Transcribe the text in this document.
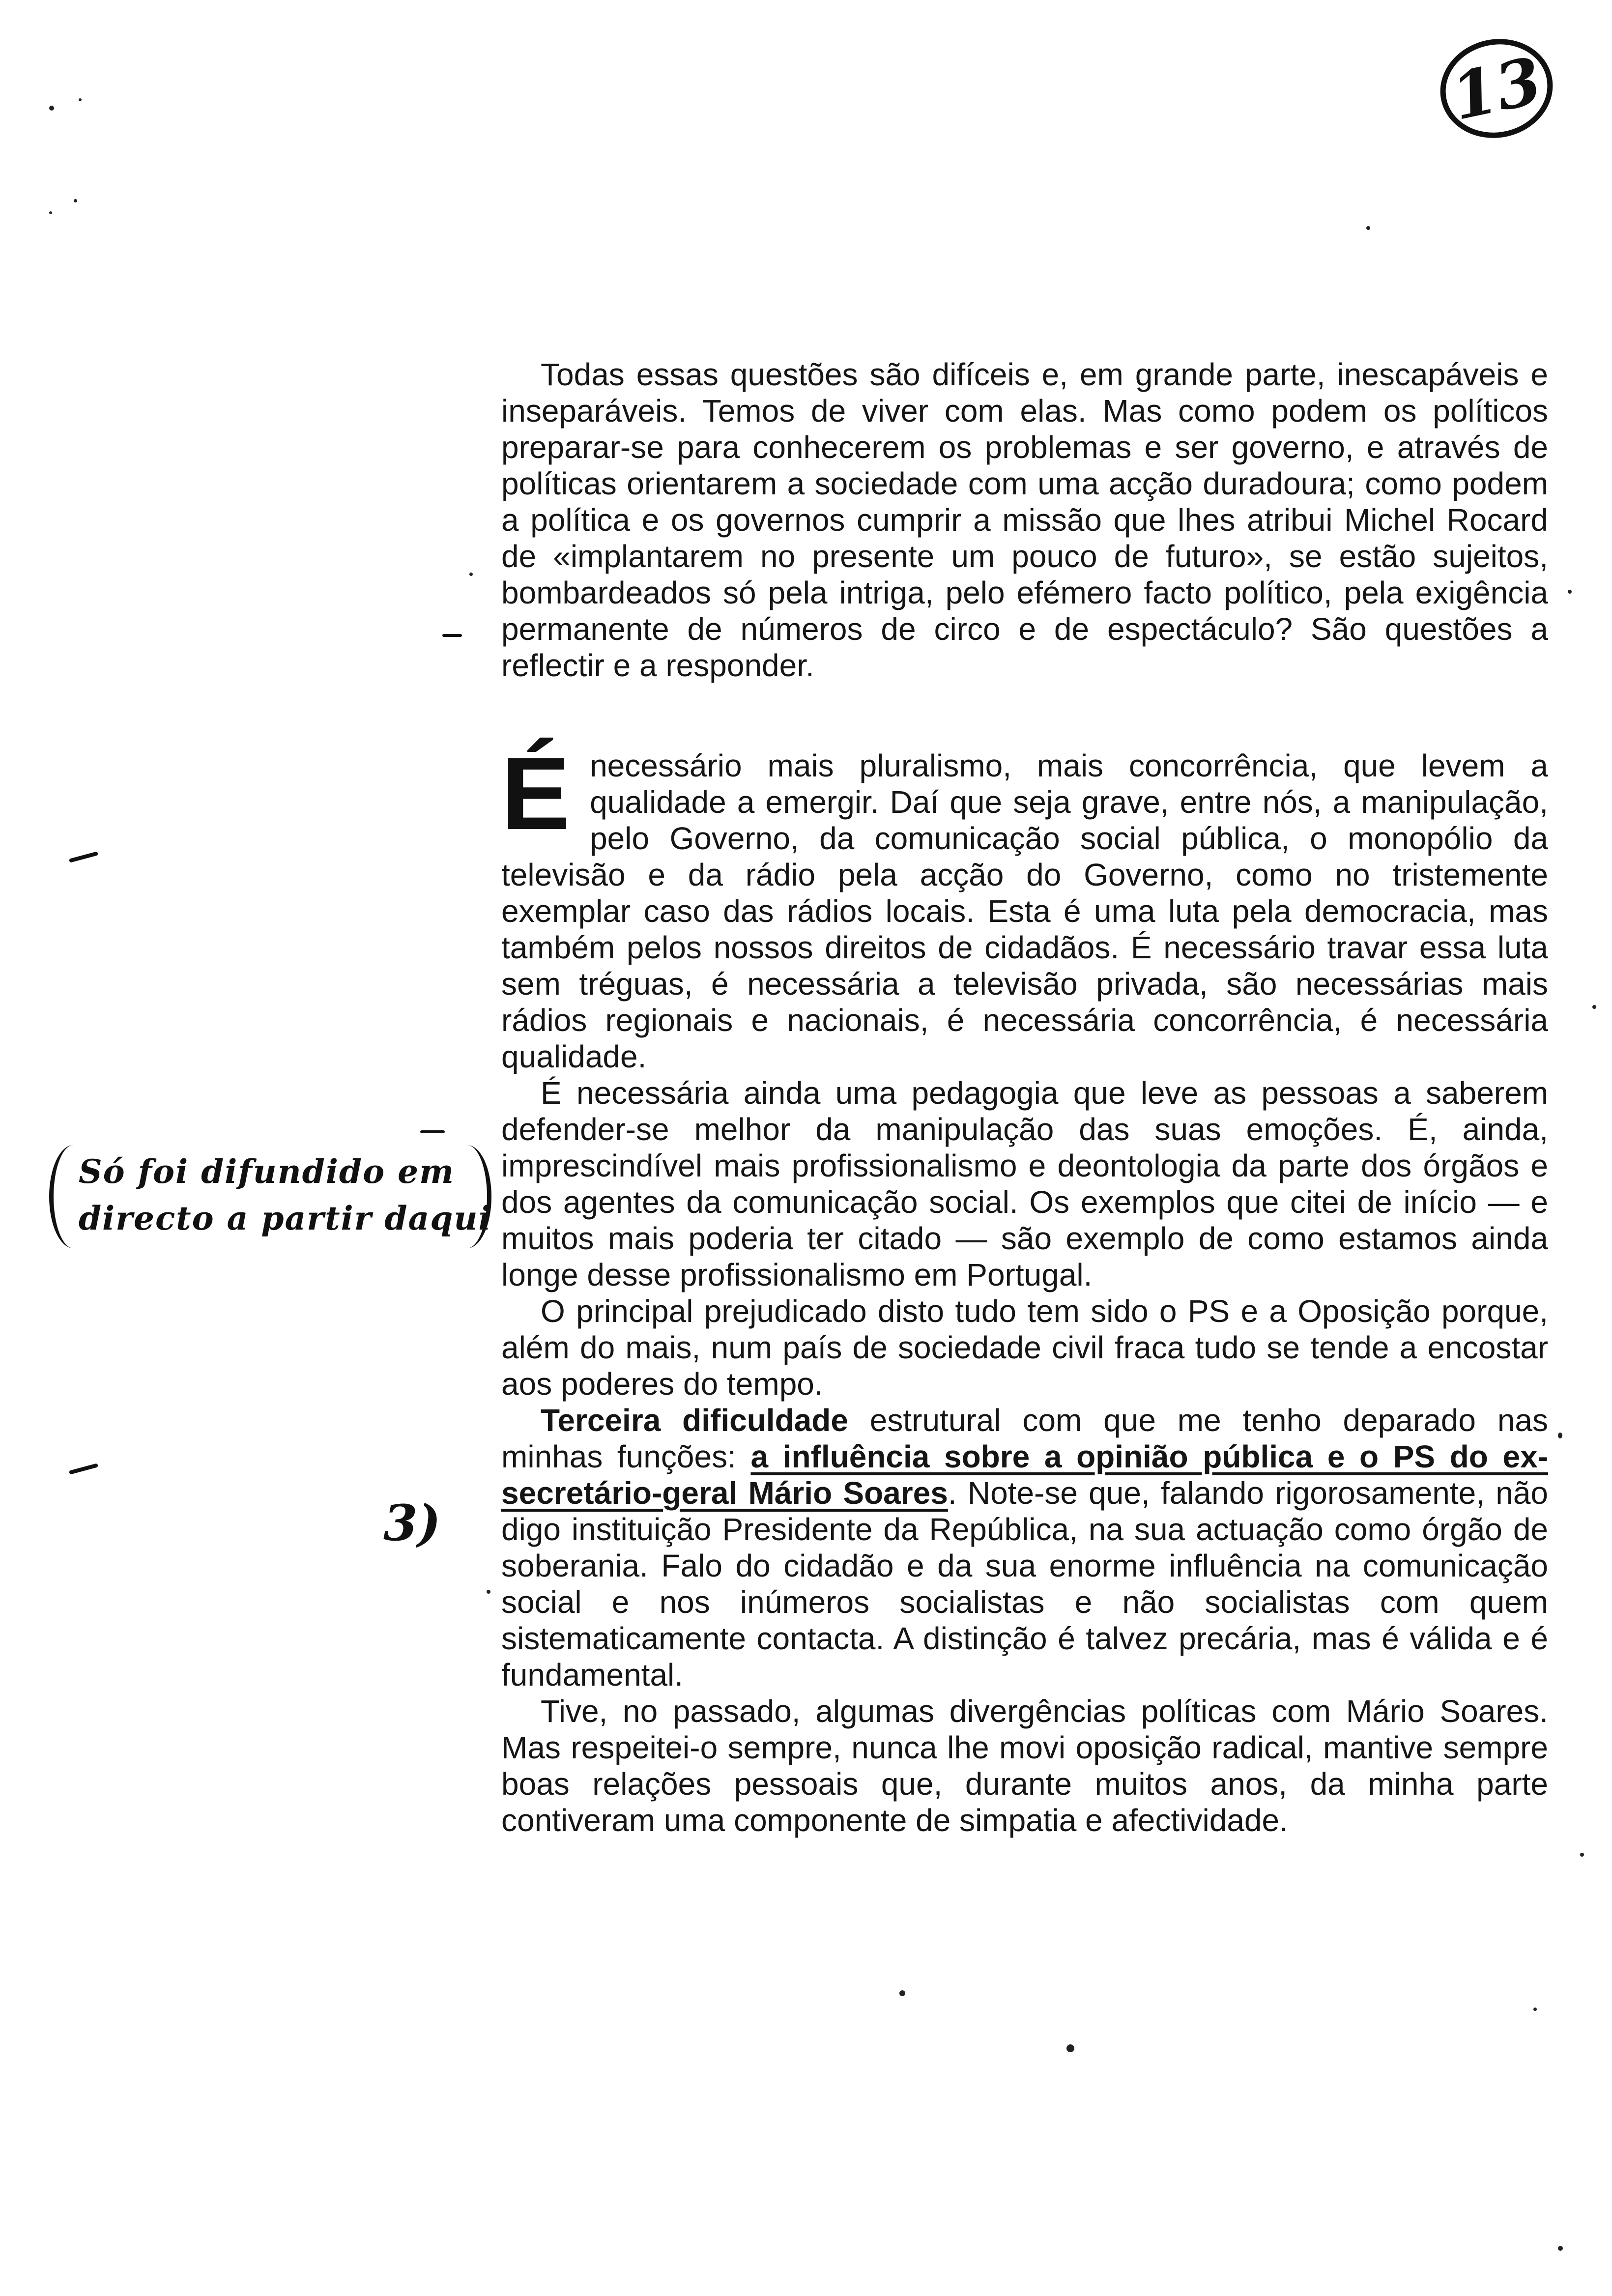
13

Todas essas questões são difíceis e, em grande parte, inescapáveis e inseparáveis. Temos de viver com elas. Mas como podem os políticos preparar-se para conhecerem os problemas e ser governo, e através de políticas orientarem a sociedade com uma acção duradoura; como podem a política e os governos cumprir a missão que lhes atribui Michel Rocard de «implantarem no presente um pouco de futuro», se estão sujeitos, bombardeados só pela intriga, pelo efémero facto político, pela exigência permanente de números de circo e de espectáculo? São questões a reflectir e a responder.

Énecessário mais pluralismo, mais concorrência, que levem a qualidade a emergir. Daí que seja grave, entre nós, a manipulação, pelo Governo, da comunicação social pública, o monopólio da televisão e da rádio pela acção do Governo, como no tristemente exemplar caso das rádios locais. Esta é uma luta pela democracia, mas também pelos nossos direitos de cidadãos. É necessário travar essa luta sem tréguas, é necessária a televisão privada, são necessárias mais rádios regionais e nacionais, é necessária concorrência, é necessária qualidade.

É necessária ainda uma pedagogia que leve as pessoas a saberem defender-se melhor da manipulação das suas emoções. É, ainda, imprescindível mais profissionalismo e deontologia da parte dos órgãos e dos agentes da comunicação social. Os exemplos que citei de início — e muitos mais poderia ter citado — são exemplo de como estamos ainda longe desse profissionalismo em Portugal.

O principal prejudicado disto tudo tem sido o PS e a Oposição porque, além do mais, num país de sociedade civil fraca tudo se tende a encostar aos poderes do tempo.

Terceira dificuldade estrutural com que me tenho deparado nas minhas funções: a influência sobre a opinião pública e o PS do ex-secretário-geral Mário Soares. Note-se que, falando rigorosamente, não digo instituição Presidente da República, na sua actuação como órgão de soberania. Falo do cidadão e da sua enorme influência na comunicação social e nos inúmeros socialistas e não socialistas com quem sistematicamente contacta. A distinção é talvez precária, mas é válida e é fundamental.

Tive, no passado, algumas divergências políticas com Mário Soares. Mas respeitei-o sempre, nunca lhe movi oposição radical, mantive sempre boas relações pessoais que, durante muitos anos, da minha parte contiveram uma componente de simpatia e afectividade.

Só foi difundido em
directo a partir daqui
3)
